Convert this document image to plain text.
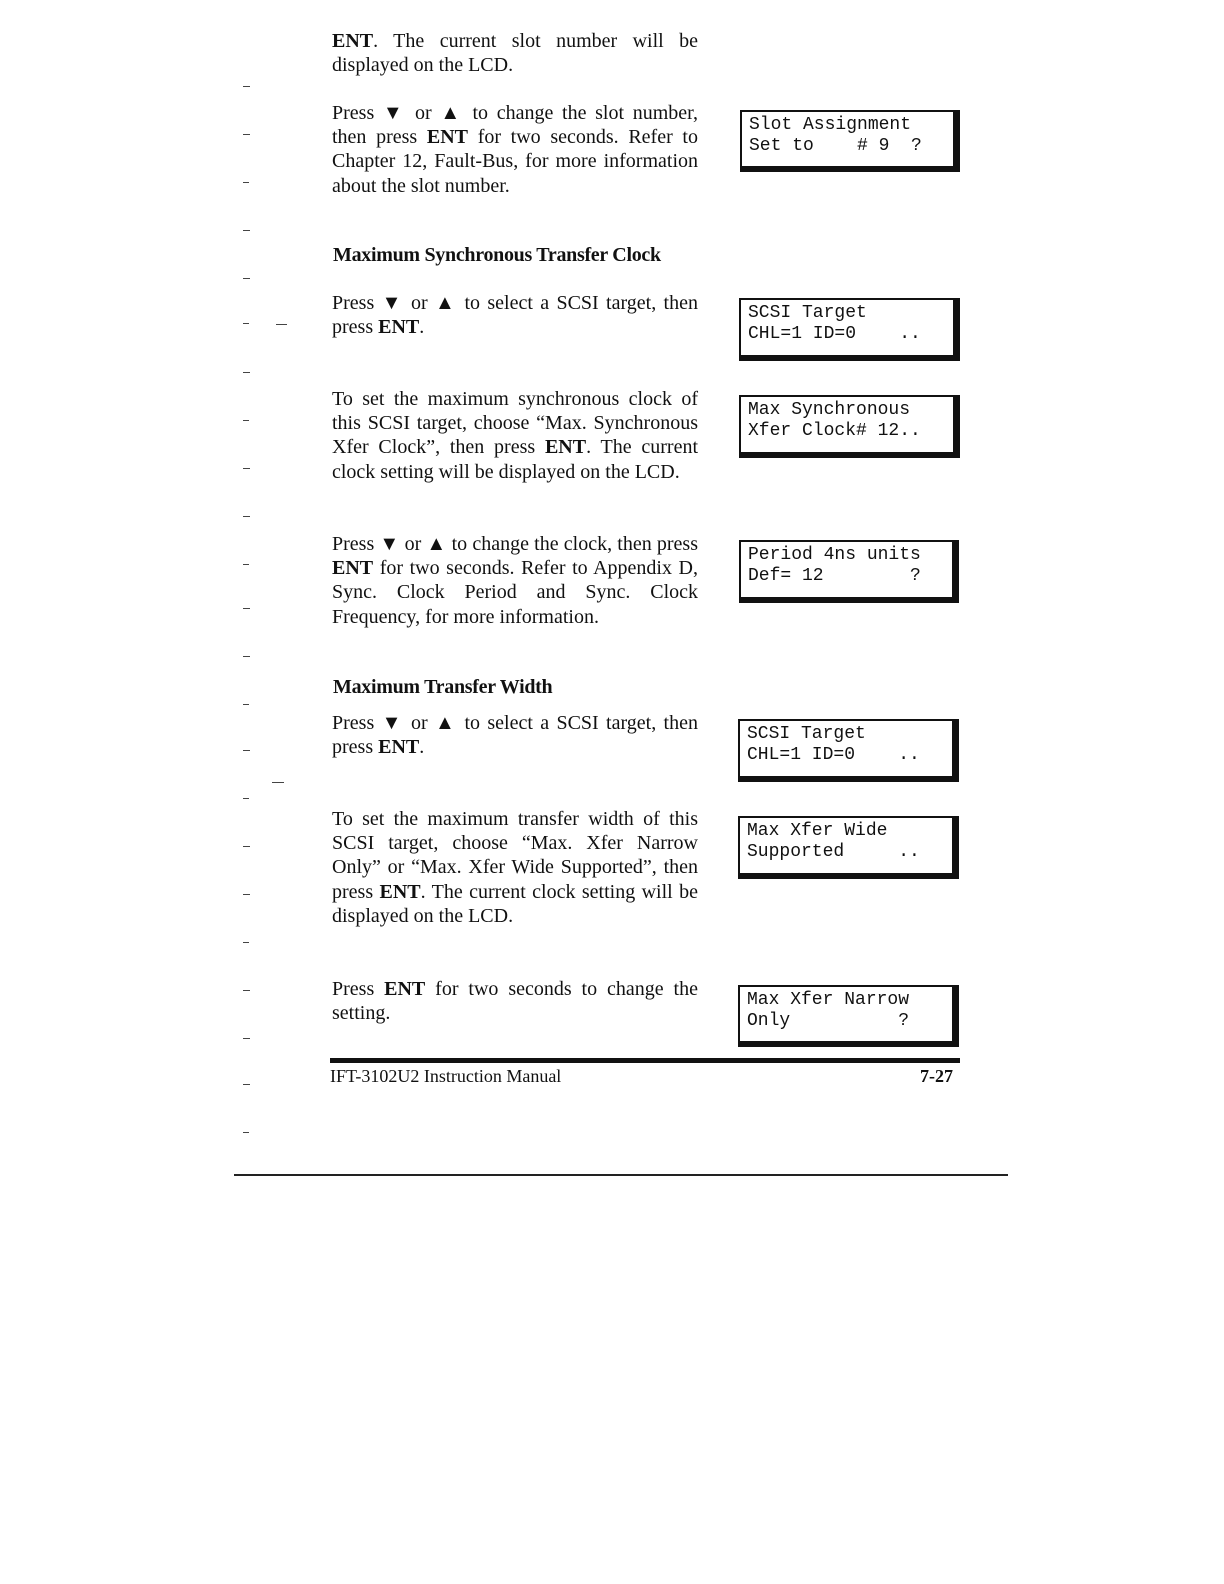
ENT. The current slot number will be displayed on the LCD.

Press ▼ or ▲ to change the slot number, then press ENT for two seconds. Refer to Chapter 12, Fault-Bus, for more information about the slot number.

Maximum Synchronous Transfer Clock

Press ▼ or ▲ to select a SCSI target, then press ENT.

To set the maximum synchronous clock of this SCSI target, choose “Max. Synchronous Xfer Clock”, then press ENT. The current clock setting will be displayed on the LCD.

Press ▼ or ▲ to change the clock, then press ENT for two seconds. Refer to Appendix D, Sync. Clock Period and Sync. Clock Frequency, for more information.

Maximum Transfer Width

Press ▼ or ▲ to select a SCSI target, then press ENT.

To set the maximum transfer width of this SCSI target, choose “Max. Xfer Narrow Only” or “Max. Xfer Wide Supported”, then press ENT. The current clock setting will be displayed on the LCD.

Press ENT for two seconds to change the setting.

Slot Assignment
Set to    # 9  ?
SCSI Target
CHL=1 ID=0    ..
Max Synchronous
Xfer Clock# 12..
Period 4ns units
Def= 12        ?
SCSI Target
CHL=1 ID=0    ..
Max Xfer Wide
Supported     ..
Max Xfer Narrow
Only          ?
IFT-3102U2 Instruction Manual	7-27
